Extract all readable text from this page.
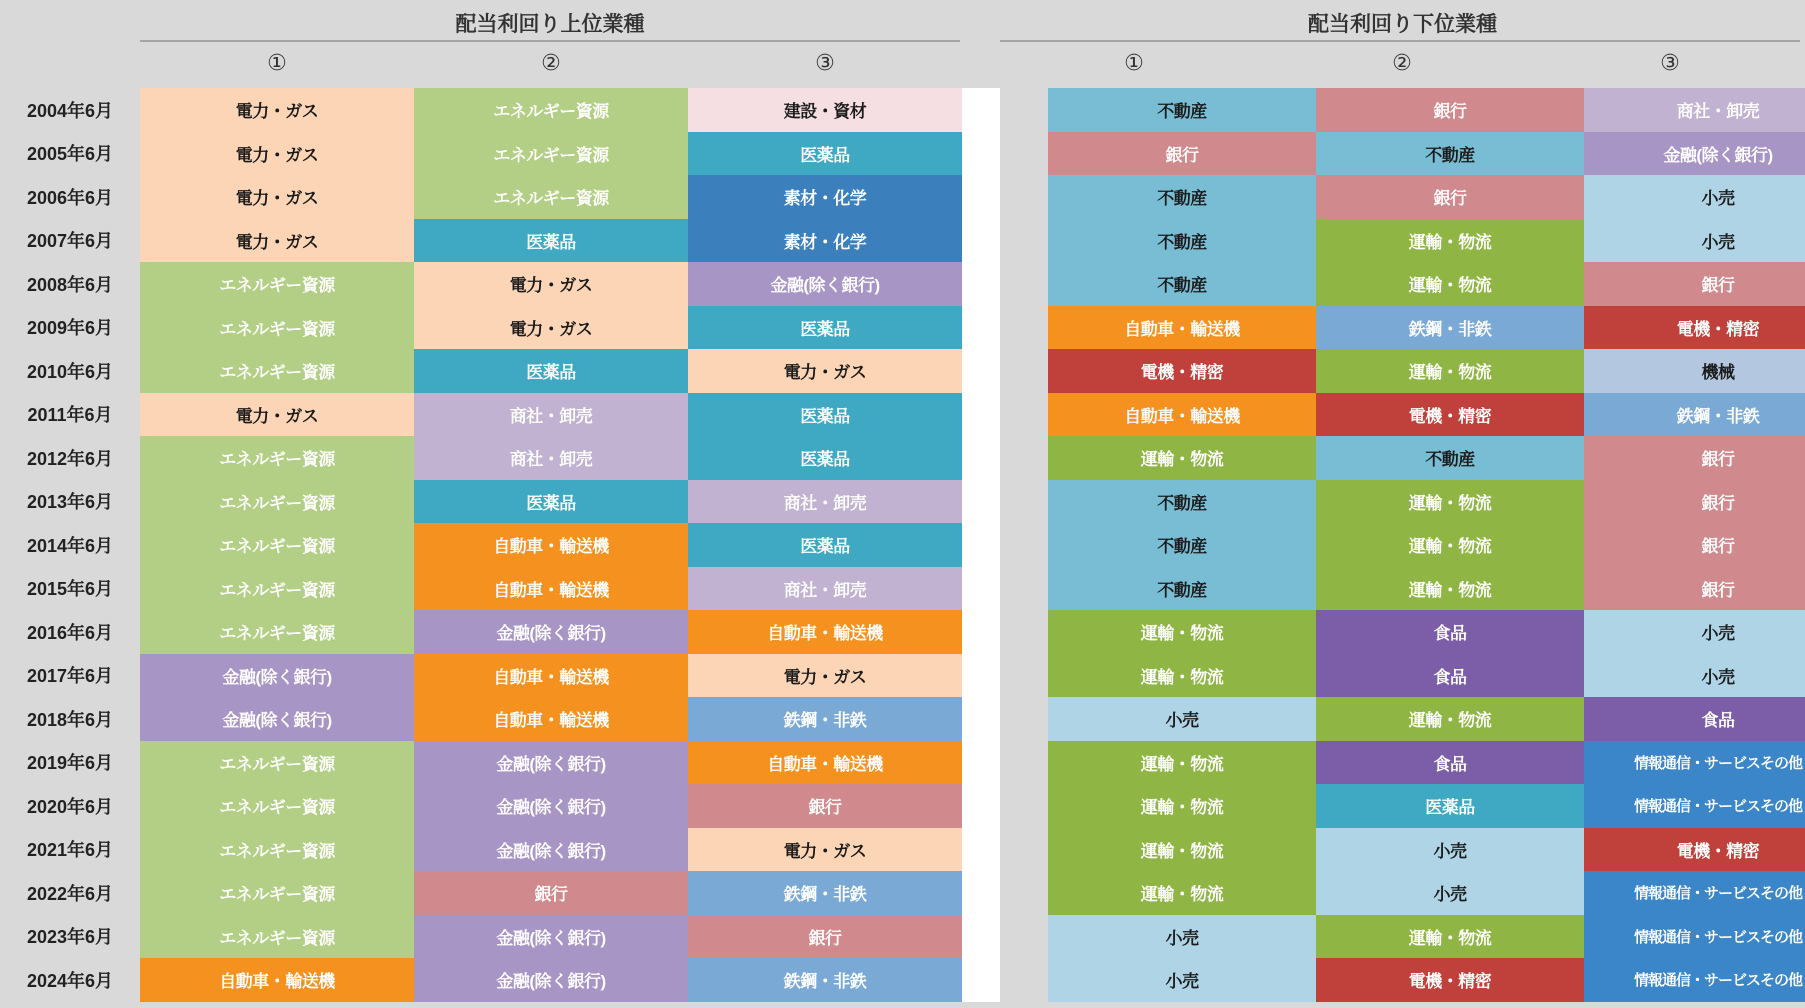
配当利回り上位業種	配当利回り下位業種
①	②	③	①	②	③
2004年6月	電力・ガス	エネルギー資源	建設・資材	不動産	銀行	商社・卸売
2005年6月	電力・ガス	エネルギー資源	医薬品	銀行	不動産	金融(除く銀行)
2006年6月	電力・ガス	エネルギー資源	素材・化学	不動産	銀行	小売
2007年6月	電力・ガス	医薬品	素材・化学	不動産	運輸・物流	小売
2008年6月	エネルギー資源	電力・ガス	金融(除く銀行)	不動産	運輸・物流	銀行
2009年6月	エネルギー資源	電力・ガス	医薬品	自動車・輸送機	鉄鋼・非鉄	電機・精密
2010年6月	エネルギー資源	医薬品	電力・ガス	電機・精密	運輸・物流	機械
2011年6月	電力・ガス	商社・卸売	医薬品	自動車・輸送機	電機・精密	鉄鋼・非鉄
2012年6月	エネルギー資源	商社・卸売	医薬品	運輸・物流	不動産	銀行
2013年6月	エネルギー資源	医薬品	商社・卸売	不動産	運輸・物流	銀行
2014年6月	エネルギー資源	自動車・輸送機	医薬品	不動産	運輸・物流	銀行
2015年6月	エネルギー資源	自動車・輸送機	商社・卸売	不動産	運輸・物流	銀行
2016年6月	エネルギー資源	金融(除く銀行)	自動車・輸送機	運輸・物流	食品	小売
2017年6月	金融(除く銀行)	自動車・輸送機	電力・ガス	運輸・物流	食品	小売
2018年6月	金融(除く銀行)	自動車・輸送機	鉄鋼・非鉄	小売	運輸・物流	食品
2019年6月	エネルギー資源	金融(除く銀行)	自動車・輸送機	運輸・物流	食品	情報通信・サービスその他
2020年6月	エネルギー資源	金融(除く銀行)	銀行	運輸・物流	医薬品	情報通信・サービスその他
2021年6月	エネルギー資源	金融(除く銀行)	電力・ガス	運輸・物流	小売	電機・精密
2022年6月	エネルギー資源	銀行	鉄鋼・非鉄	運輸・物流	小売	情報通信・サービスその他
2023年6月	エネルギー資源	金融(除く銀行)	銀行	小売	運輸・物流	情報通信・サービスその他
2024年6月	自動車・輸送機	金融(除く銀行)	鉄鋼・非鉄	小売	電機・精密	情報通信・サービスその他
